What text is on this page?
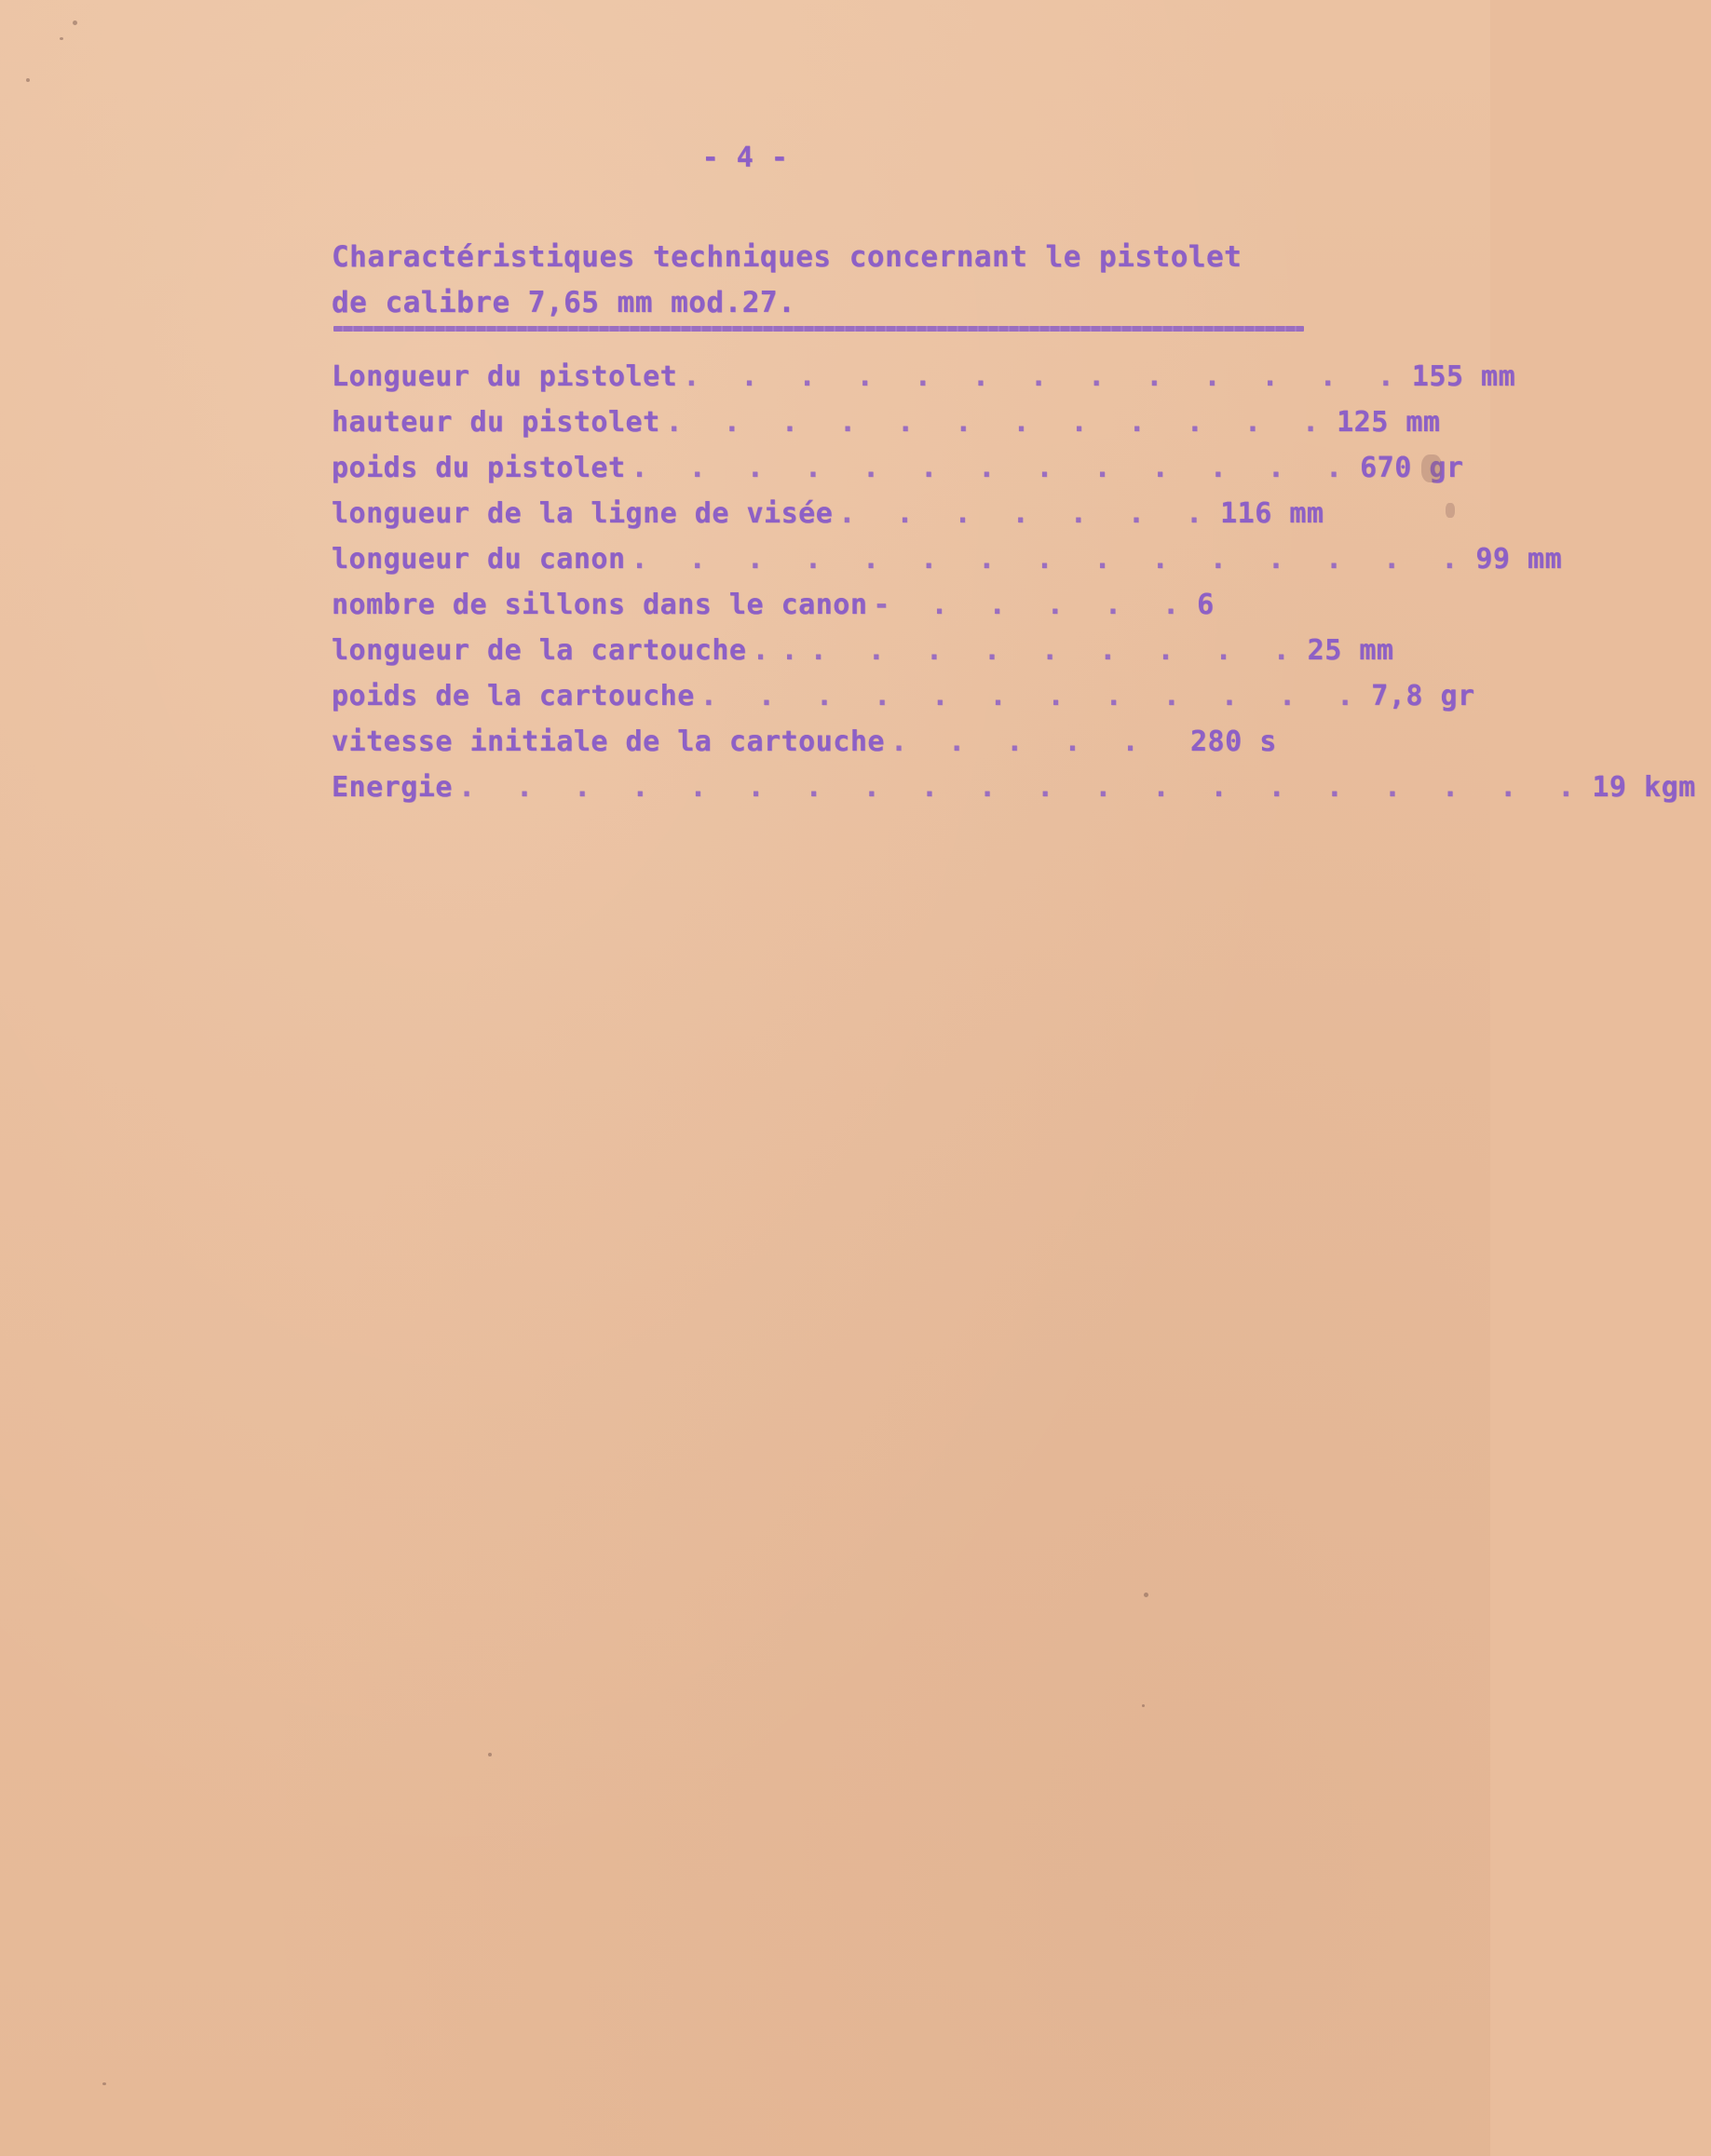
- 4 -
Charactéristiques techniques concernant le pistolet
de calibre 7,65 mm mod.27.
Longueur du pistolet . . . . . . . . . . . . . 155 mm
hauteur du pistolet . . . . . . . . . . . . 125 mm
poids du pistolet . . . . . . . . . . . . . 670 gr
longueur de la ligne de visée . . . . . . . 116 mm
longueur du canon . . . . . . . . . . . . . . . 99 mm
nombre de sillons dans le canon - . . . . . 6
longueur de la cartouche ... . . . . . . . . 25 mm
poids de la cartouche . . . . . . . . . . . . 7,8 gr
vitesse initiale de la cartouche . . . . .	280 s
Energie . . . . . . . . . . . . . . . . . . . . 19 kgm
